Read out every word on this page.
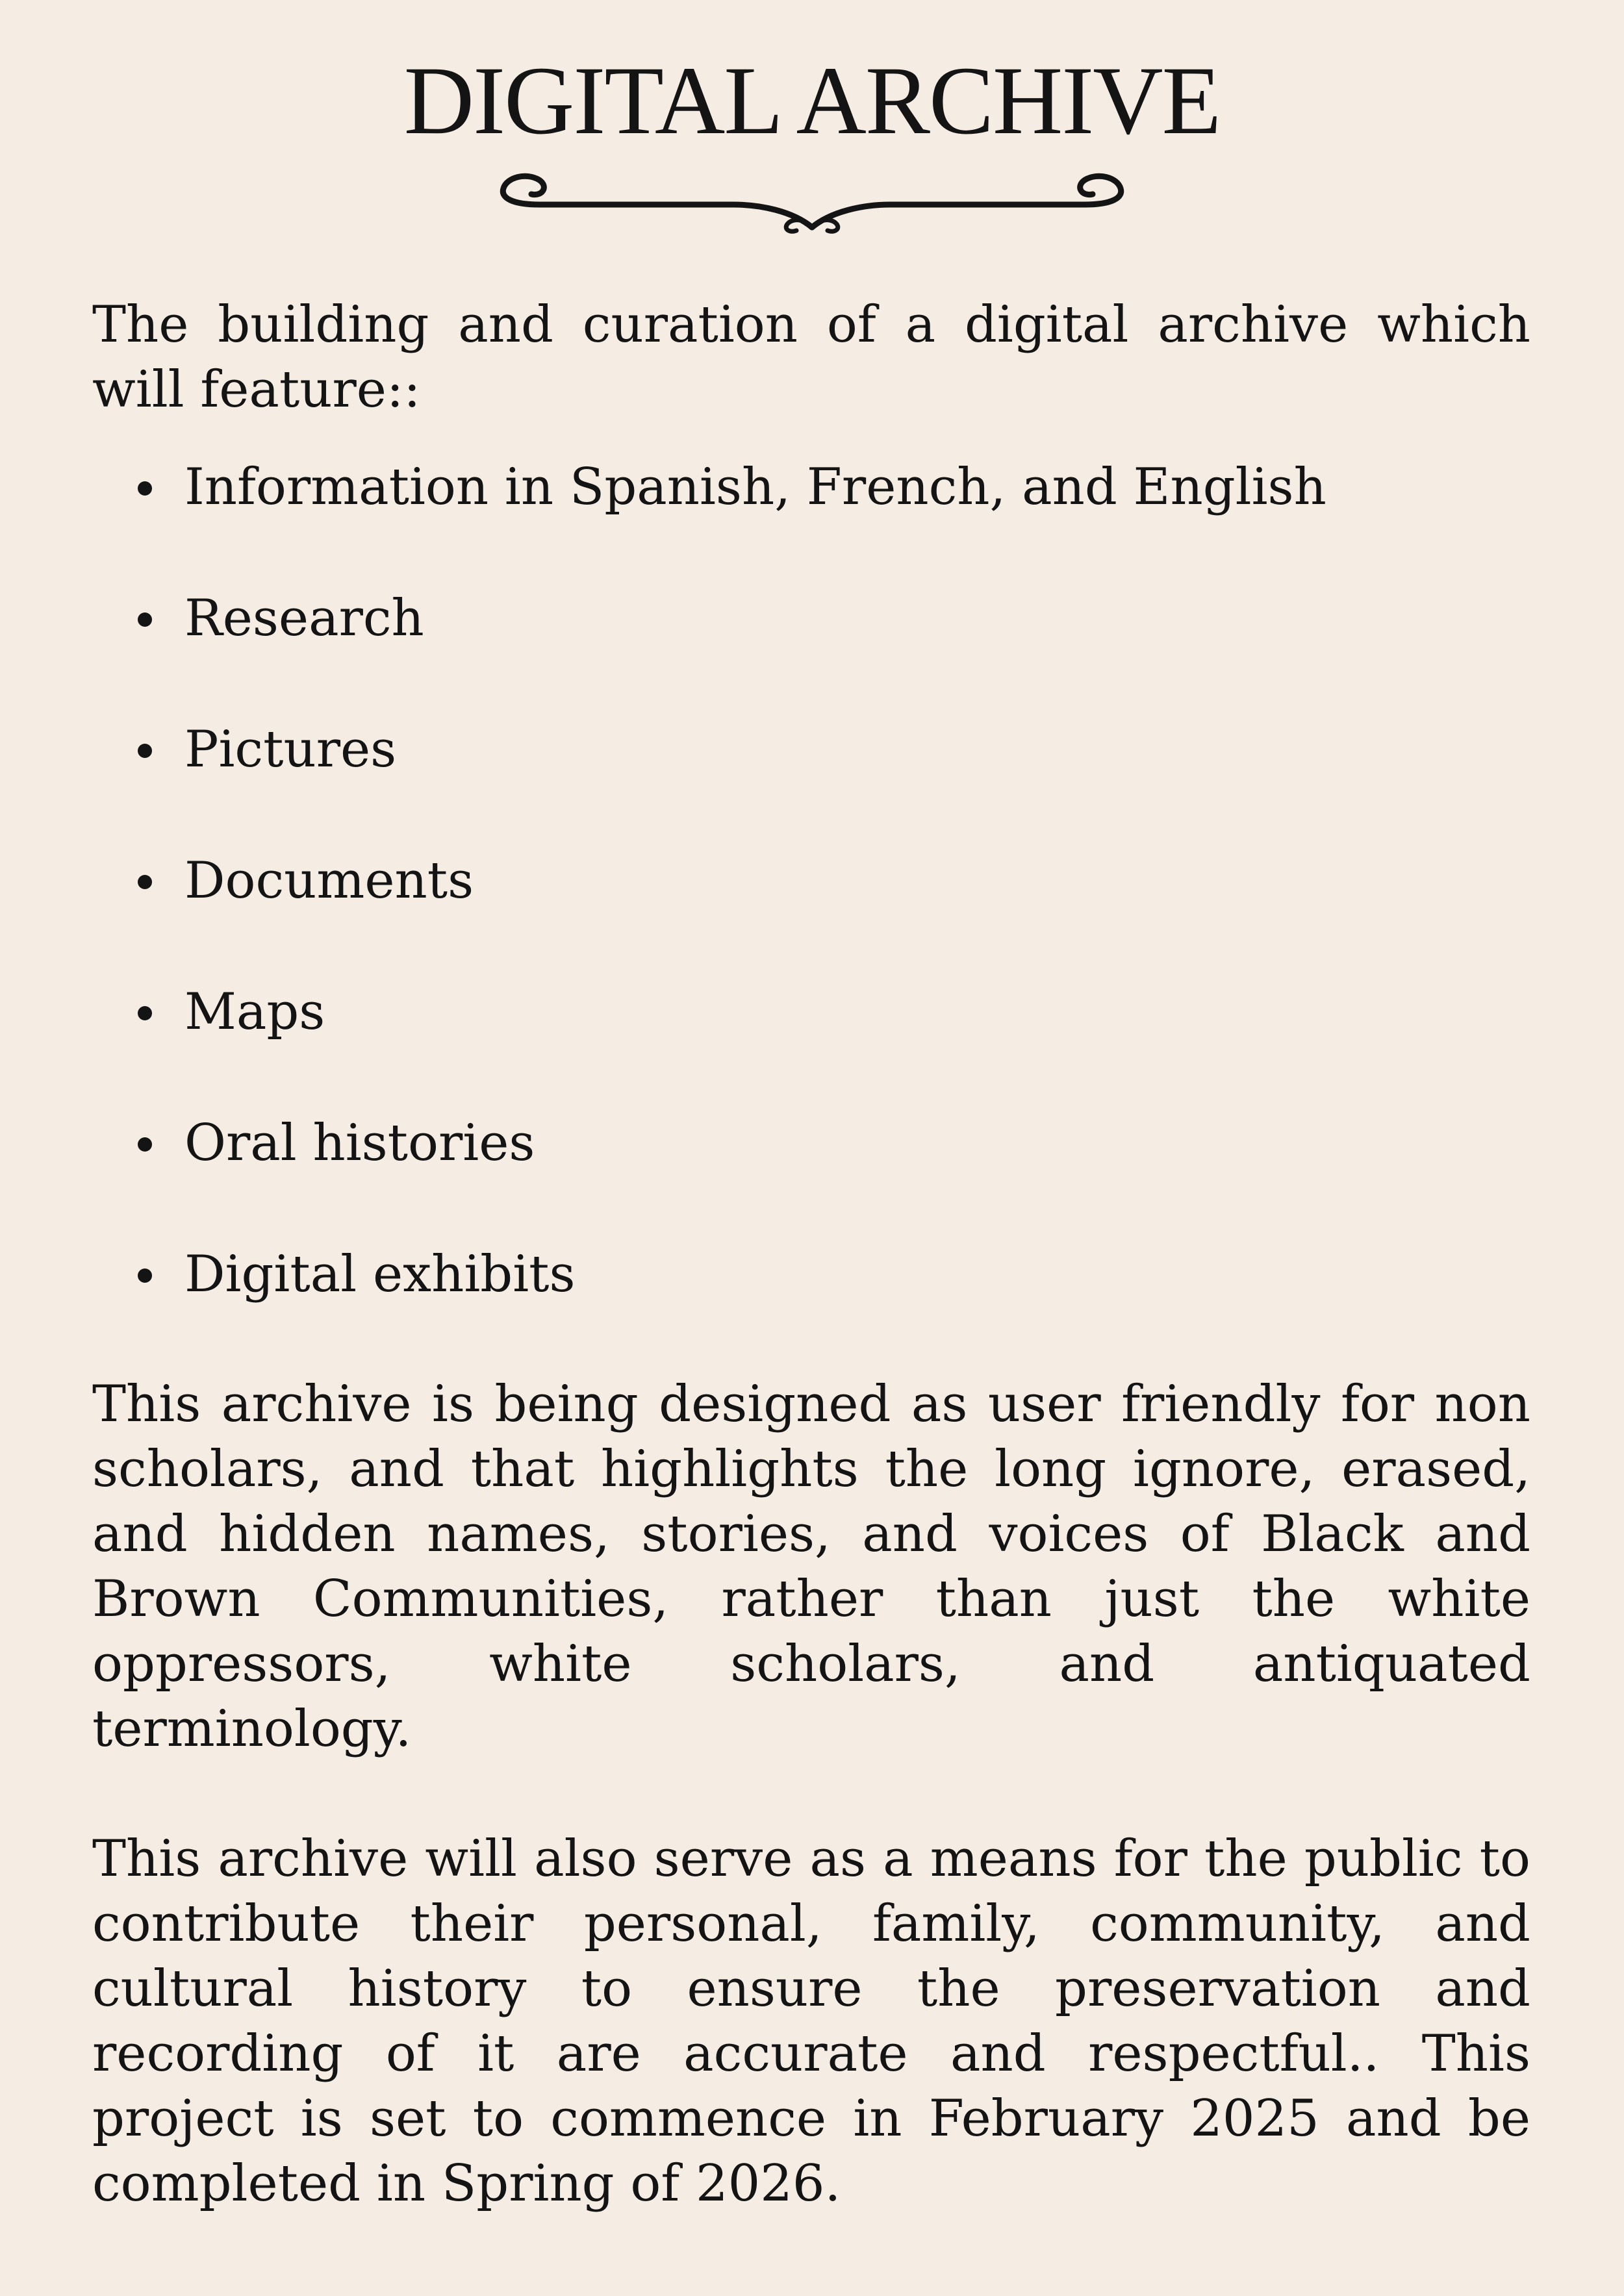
DIGITAL ARCHIVE

The building and curation of a digital archive which will feature::

Information in Spanish, French, and English
Research
Pictures
Documents
Maps
Oral histories
Digital exhibits

This archive is being designed as user friendly for non scholars, and that highlights the long ignore, erased, and hidden names, stories, and voices of Black and Brown Communities, rather than just the white oppressors, white scholars, and antiquated terminology.

This archive will also serve as a means for the public to contribute their personal, family, community, and cultural history to ensure the preservation and recording of it are accurate and respectful.. This project is set to commence in February 2025 and be completed in Spring of 2026.
